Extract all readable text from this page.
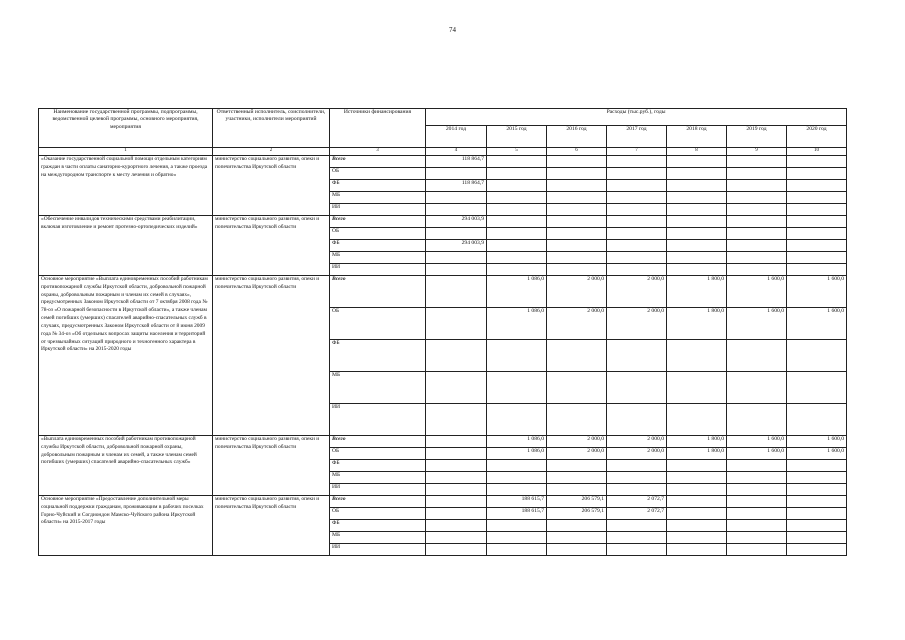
74
Наименование государственной программы, подпрограммы, ведомственной целевой программы, основного мероприятия, мероприятия	Ответственный исполнитель, соисполнители, участники, исполнители мероприятий	Источники финансирования	Расходы (тыс.руб.), годы						
			2014 год	2015 год	2016 год	2017 год	2018 год	2019 год	2020 год
1	2	3	4	5	6	7	8	9	10
«Оказание государственной социальной помощи отдельным категориям граждан в части оплаты санаторно-курортного лечения, а также проезда на междугородном транспорте к месту лечения и обратно»	министерство социального развития, опеки и попечительства Иркутской области	Всего	118 864,7						
		ОБ							
		ФБ	118 864,7						
		МБ							
		ИИ							
«Обеспечение инвалидов техническими средствами реабилитации, включая изготовление и ремонт протезно-ортопедических изделий»	министерство социального развития, опеки и попечительства Иркутской области	Всего	294 003,9						
		ОБ							
		ФБ	294 003,9						
		МБ							
		ИИ							
Основное мероприятие «Выплата единовременных пособий работникам противопожарной службы Иркутской области, добровольной пожарной охраны, добровольным пожарным и членам их семей в случаях», предусмотренных Законом Иркутской области от 7 октября 2008 года № 78-оз «О пожарной безопасности в Иркутской области», а также членам семей погибших (умерших) спасателей аварийно-спасательных служб в случаях, предусмотренных Законом Иркутской области от 8 июня 2009 года № 34-оз «Об отдельных вопросах защиты населения и территорий от чрезвычайных ситуаций природного и техногенного характера в Иркутской области» на 2015-2020 годы	министерство социального развития, опеки и попечительства Иркутской области	Всего		1 086,0	2 000,0	2 000,0	1 800,0	1 600,0	1 600,0
		ОБ		1 086,0	2 000,0	2 000,0	1 800,0	1 600,0	1 600,0
		ФБ							
		МБ							
		ИИ							
«Выплата единовременных пособий работникам противопожарной службы Иркутской области, добровольной пожарной охраны, добровольным пожарным и членам их семей, а также членам семей погибших (умерших) спасателей аварийно-спасательных служб»	министерство социального развития, опеки и попечительства Иркутской области	Всего		1 086,0	2 000,0	2 000,0	1 800,0	1 600,0	1 600,0
		ОБ		1 086,0	2 000,0	2 000,0	1 800,0	1 600,0	1 600,0
		ФБ							
		МБ							
		ИИ							
Основное мероприятие «Предоставление дополнительной меры социальной поддержки гражданам, проживающим в рабочих поселках Горно-Чуйский и Согдиондон Мамско-Чуйского района Иркутской области» на 2015-2017 годы	министерство социального развития, опеки и попечительства Иркутской области	Всего		188 615,7	206 579,1	2 072,7			
		ОБ		188 615,7	206 579,1	2 072,7			
		ФБ							
		МБ							
		ИИ							
